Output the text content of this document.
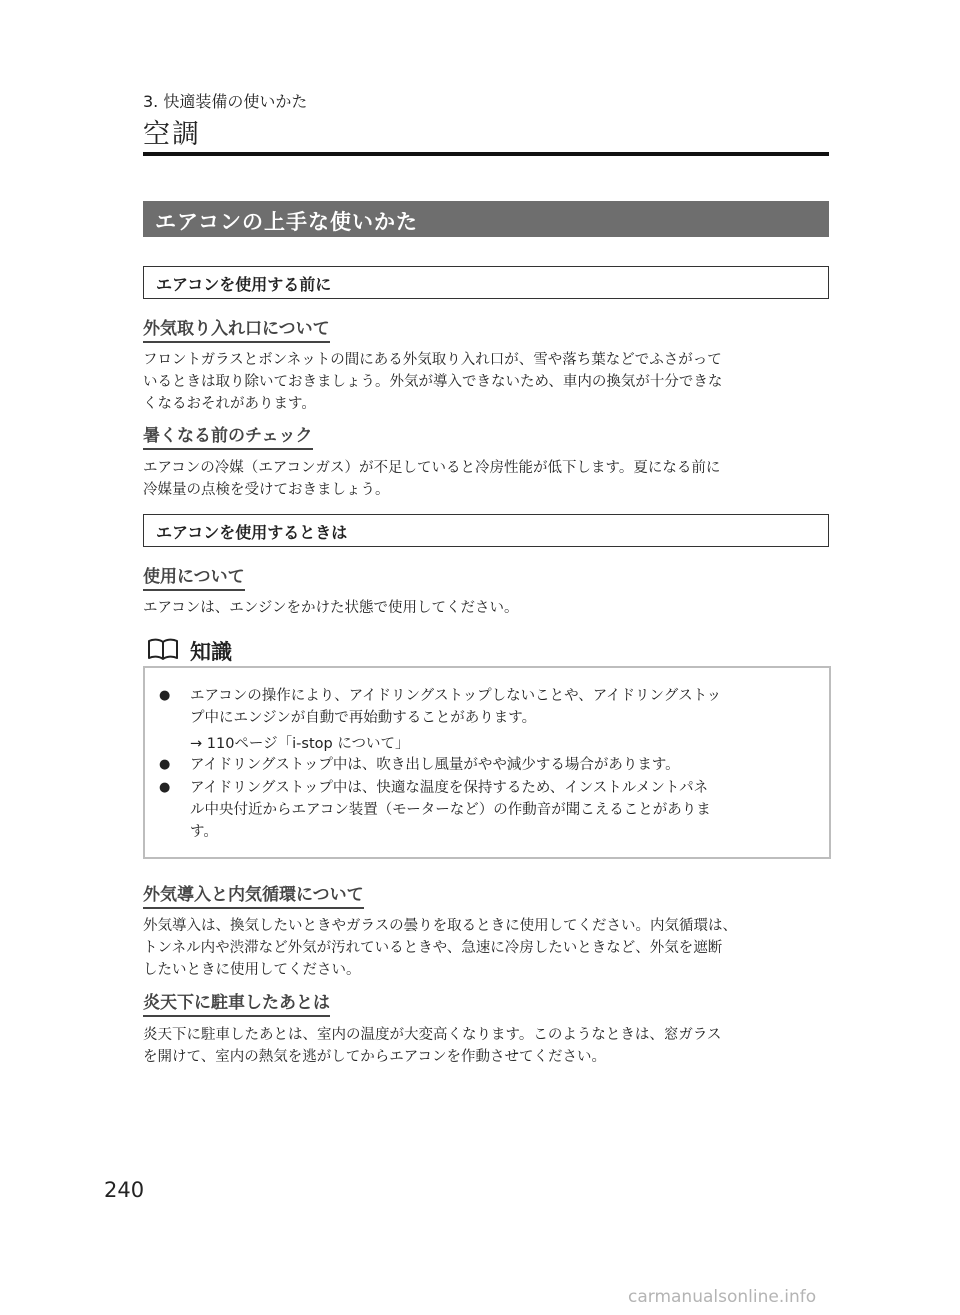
3. 快適装備の使いかた
空調
エアコンの上手な使いかた
エアコンを使用する前に
外気取り入れ口について
フロントガラスとボンネットの間にある外気取り入れ口が、雪や落ち葉などでふさがって
いるときは取り除いておきましょう。外気が導入できないため、車内の換気が十分できな
くなるおそれがあります。
暑くなる前のチェック
エアコンの冷媒（エアコンガス）が不足していると冷房性能が低下します。夏になる前に
冷媒量の点検を受けておきましょう。
エアコンを使用するときは
使用について
エアコンは、エンジンをかけた状態で使用してください。
知識
● エアコンの操作により、アイドリングストップしないことや、アイドリングストッ
プ中にエンジンが自動で再始動することがあります。
→ 110ページ「i-stop について」
● アイドリングストップ中は、吹き出し風量がやや減少する場合があります。
● アイドリングストップ中は、快適な温度を保持するため、インストルメントパネ
ル中央付近からエアコン装置（モーターなど）の作動音が聞こえることがありま
す。
外気導入と内気循環について
外気導入は、換気したいときやガラスの曇りを取るときに使用してください。内気循環は、
トンネル内や渋滞など外気が汚れているときや、急速に冷房したいときなど、外気を遮断
したいときに使用してください。
炎天下に駐車したあとは
炎天下に駐車したあとは、室内の温度が大変高くなります。このようなときは、窓ガラス
を開けて、室内の熱気を逃がしてからエアコンを作動させてください。
240
carmanualsonline.info
